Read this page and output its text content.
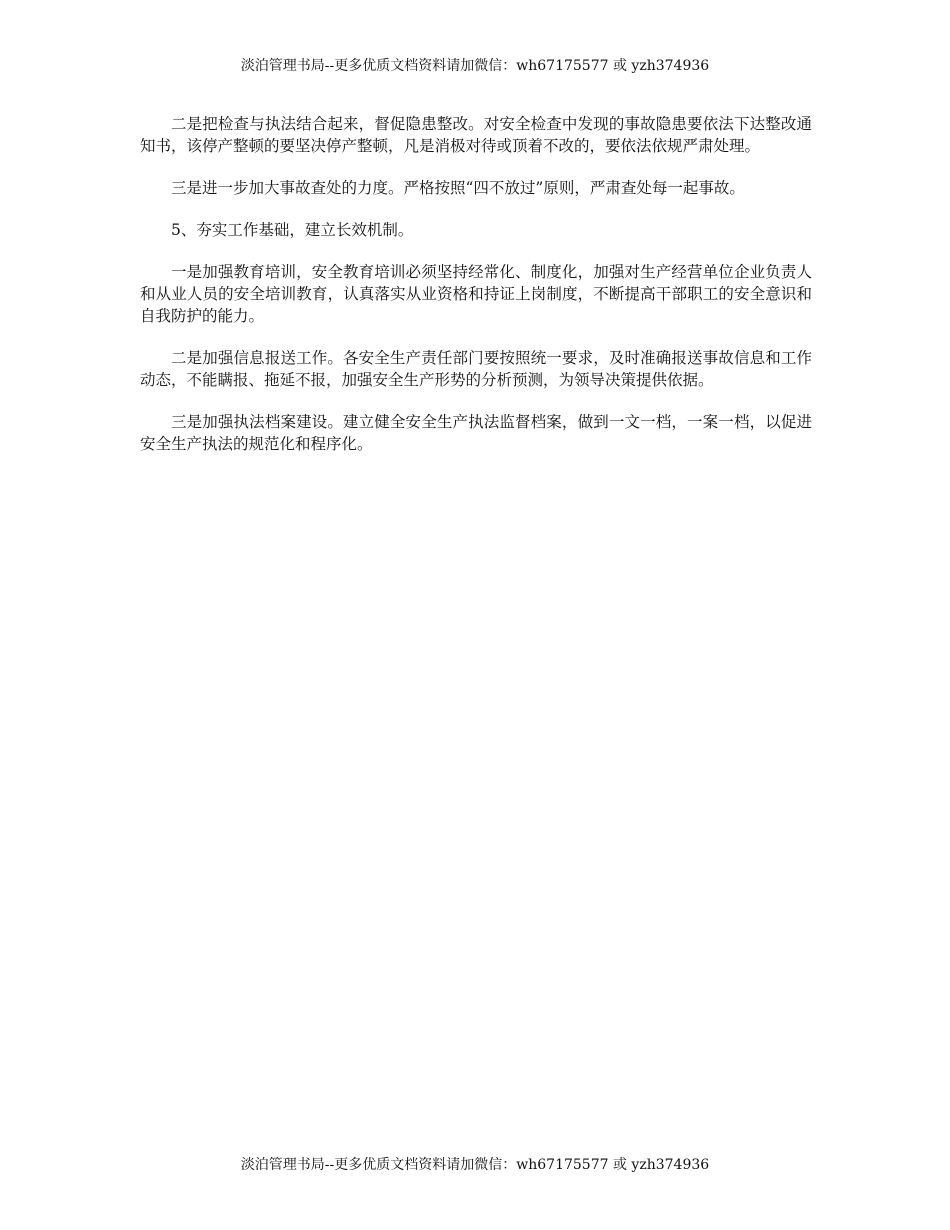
淡泊管理书局--更多优质文档资料请加微信：wh67175577 或 yzh374936

二是把检查与执法结合起来，督促隐患整改。对安全检查中发现的事故隐患要依法下达整改通知书，该停产整顿的要坚决停产整顿，凡是消极对待或顶着不改的，要依法依规严肃处理。

三是进一步加大事故查处的力度。严格按照“四不放过”原则，严肃查处每一起事故。

5、夯实工作基础，建立长效机制。

一是加强教育培训，安全教育培训必须坚持经常化、制度化，加强对生产经营单位企业负责人和从业人员的安全培训教育，认真落实从业资格和持证上岗制度，不断提高干部职工的安全意识和自我防护的能力。

二是加强信息报送工作。各安全生产责任部门要按照统一要求，及时准确报送事故信息和工作动态，不能瞒报、拖延不报，加强安全生产形势的分析预测，为领导决策提供依据。

三是加强执法档案建设。建立健全安全生产执法监督档案，做到一文一档，一案一档，以促进安全生产执法的规范化和程序化。

淡泊管理书局--更多优质文档资料请加微信：wh67175577 或 yzh374936
